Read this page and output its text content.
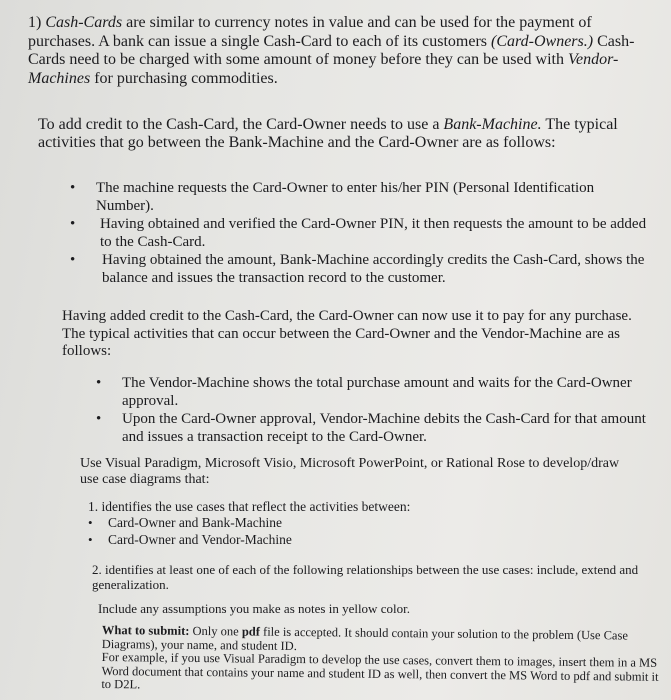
1) Cash-Cards are similar to currency notes in value and can be used for the payment of purchases. A bank can issue a single Cash-Card to each of its customers (Card-Owners.) Cash-Cards need to be charged with some amount of money before they can be used with Vendor-Machines for purchasing commodities.
To add credit to the Cash-Card, the Card-Owner needs to use a Bank-Machine. The typical activities that go between the Bank-Machine and the Card-Owner are as follows:
• The machine requests the Card-Owner to enter his/her PIN (Personal Identification Number).
• Having obtained and verified the Card-Owner PIN, it then requests the amount to be added to the Cash-Card.
• Having obtained the amount, Bank-Machine accordingly credits the Cash-Card, shows the balance and issues the transaction record to the customer.
Having added credit to the Cash-Card, the Card-Owner can now use it to pay for any purchase. The typical activities that can occur between the Card-Owner and the Vendor-Machine are as follows:
• The Vendor-Machine shows the total purchase amount and waits for the Card-Owner approval.
• Upon the Card-Owner approval, Vendor-Machine debits the Cash-Card for that amount and issues a transaction receipt to the Card-Owner.
Use Visual Paradigm, Microsoft Visio, Microsoft PowerPoint, or Rational Rose to develop/draw use case diagrams that:
1. identifies the use cases that reflect the activities between:
• Card-Owner and Bank-Machine
• Card-Owner and Vendor-Machine
2. identifies at least one of each of the following relationships between the use cases: include, extend and generalization.
Include any assumptions you make as notes in yellow color.
What to submit: Only one pdf file is accepted. It should contain your solution to the problem (Use Case Diagrams), your name, and student ID.
For example, if you use Visual Paradigm to develop the use cases, convert them to images, insert them in a MS Word document that contains your name and student ID as well, then convert the MS Word to pdf and submit it to D2L.
